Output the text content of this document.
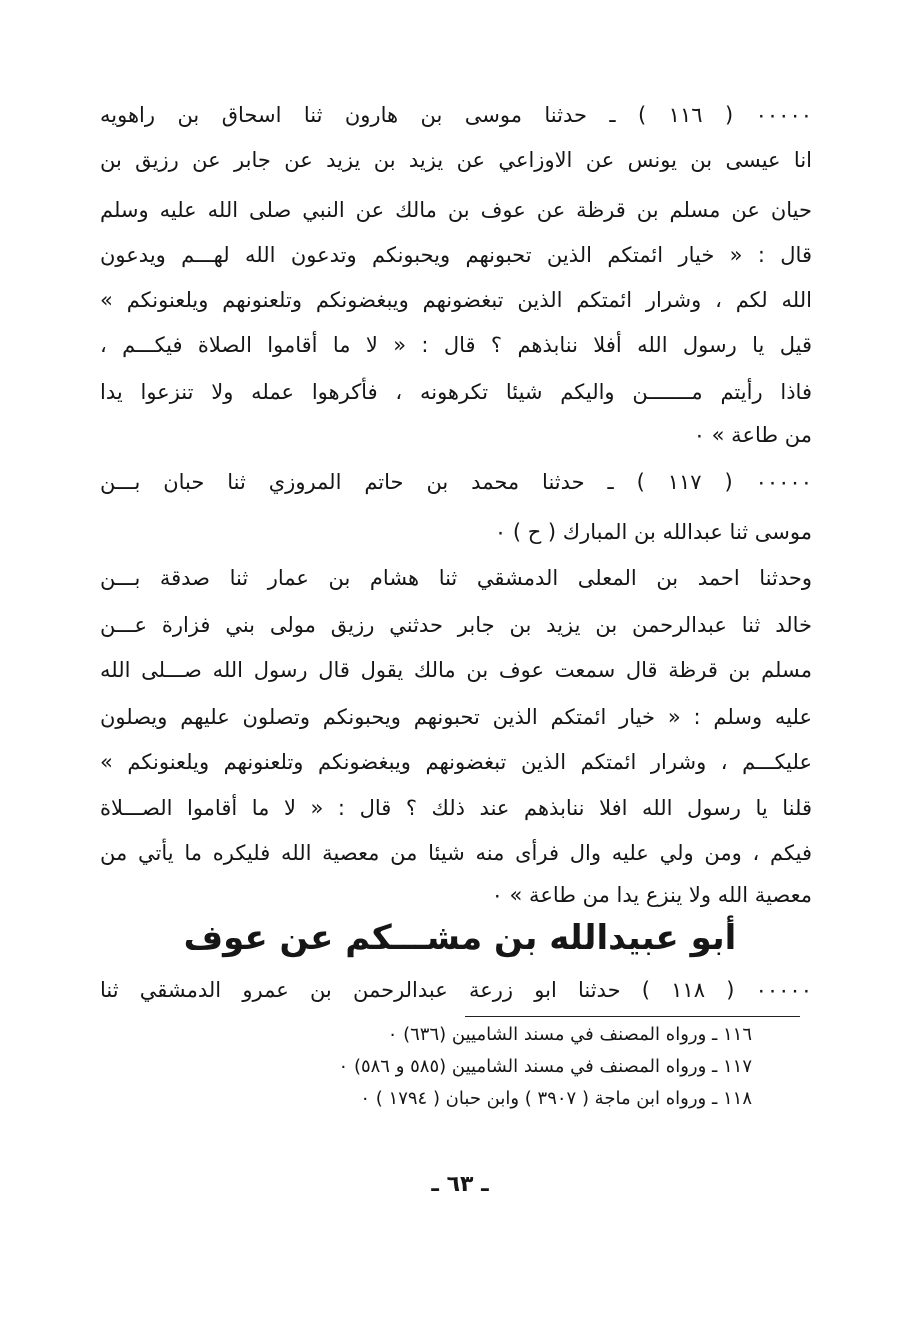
٠٠٠٠٠ ( ١١٦ ) ـ حدثنا موسى بن هارون ثنا اسحاق بن راهويه
انا عيسى بن يونس عن الاوزاعي عن يزيد بن يزيد عن جابر عن رزيق بن
حيان عن مسلم بن قرظة عن عوف بن مالك عن النبي صلى الله عليه وسلم
قال : « خيار ائمتكم الذين تحبونهم ويحبونكم وتدعون الله لهـــم ويدعون
الله لكم ، وشرار ائمتكم الذين تبغضونهم ويبغضونكم وتلعنونهم ويلعنونكم »
قيل يا رسول الله أفلا ننابذهم ؟ قال : « لا ما أقاموا الصلاة فيكـــم ،
فاذا رأيتم مـــــــن واليكم شيئا تكرهونه ، فأكرهوا عمله ولا تنزعوا يدا
من طاعة » ٠
٠٠٠٠٠ ( ١١٧ ) ـ حدثنا محمد بن حاتم المروزي ثنا حبان بـــن
موسى ثنا عبدالله بن المبارك ( ح ) ٠
وحدثنا احمد بن المعلى الدمشقي ثنا هشام بن عمار ثنا صدقة بـــن
خالد ثنا عبدالرحمن بن يزيد بن جابر حدثني رزيق مولى بني فزارة عـــن
مسلم بن قرظة قال سمعت عوف بن مالك يقول قال رسول الله صـــلى الله
عليه وسلم : « خيار ائمتكم الذين تحبونهم ويحبونكم وتصلون عليهم ويصلون
عليكـــم ، وشرار ائمتكم الذين تبغضونهم ويبغضونكم وتلعنونهم ويلعنونكم »
قلنا يا رسول الله افلا ننابذهم عند ذلك ؟ قال : « لا ما أقاموا الصـــلاة
فيكم ، ومن ولي عليه وال فرأى منه شيئا من معصية الله فليكره ما يأتي من
معصية الله ولا ينزع يدا من طاعة » ٠
أبو عبيدالله بن مشـــكم عن عوف
٠٠٠٠٠ ( ١١٨ ) حدثنا ابو زرعة عبدالرحمن بن عمرو الدمشقي ثنا
١١٦ ـ ورواه المصنف في مسند الشاميين (٦٣٦) ٠
١١٧ ـ ورواه المصنف في مسند الشاميين (٥٨٥ و ٥٨٦) ٠
١١٨ ـ ورواه ابن ماجة ( ٣٩٠٧ ) وابن حبان ( ١٧٩٤ ) ٠
ـ ٦٣ ـ
